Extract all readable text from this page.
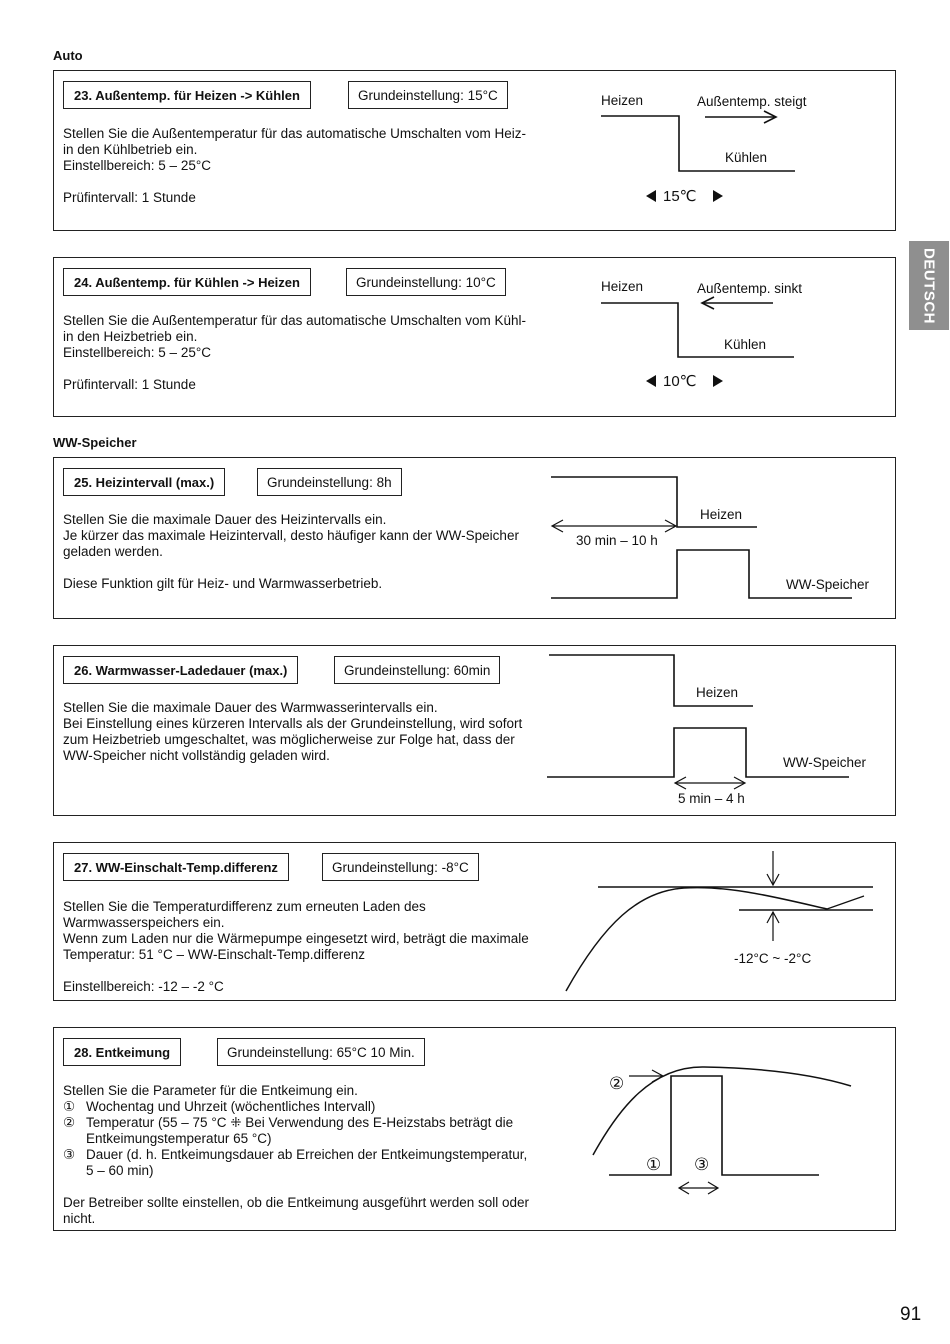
Auto
23. Außentemp. für Heizen -> Kühlen	Grundeinstellung: 15°C
Stellen Sie die Außentemperatur für das automatische Umschalten vom Heiz-
in den Kühlbetrieb ein.
Einstellbereich: 5 – 25°C
Prüfintervall: 1 Stunde
Heizen	Außentemp. steigt
Kühlen
15℃
24. Außentemp. für Kühlen -> Heizen	Grundeinstellung: 10°C
Stellen Sie die Außentemperatur für das automatische Umschalten vom Kühl-
in den Heizbetrieb ein.
Einstellbereich: 5 – 25°C
Prüfintervall: 1 Stunde
Heizen	Außentemp. sinkt
Kühlen
10℃
WW-Speicher
25. Heizintervall (max.)	Grundeinstellung: 8h
Stellen Sie die maximale Dauer des Heizintervalls ein.
Je kürzer das maximale Heizintervall, desto häufiger kann der WW-Speicher
geladen werden.
Diese Funktion gilt für Heiz- und Warmwasserbetrieb.
30 min – 10 h
Heizen
WW-Speicher
26. Warmwasser-Ladedauer (max.)	Grundeinstellung: 60min
Stellen Sie die maximale Dauer des Warmwasserintervalls ein.
Bei Einstellung eines kürzeren Intervalls als der Grundeinstellung, wird sofort
zum Heizbetrieb umgeschaltet, was möglicherweise zur Folge hat, dass der
WW-Speicher nicht vollständig geladen wird.
5 min – 4 h
Heizen
WW-Speicher
27. WW-Einschalt-Temp.differenz	Grundeinstellung: -8°C
Stellen Sie die Temperaturdifferenz zum erneuten Laden des
Warmwasserspeichers ein.
Wenn zum Laden nur die Wärmepumpe eingesetzt wird, beträgt die maximale
Temperatur: 51 °C – WW-Einschalt-Temp.differenz
Einstellbereich: -12 – -2 °C
-12°C ~ -2°C
28. Entkeimung	Grundeinstellung: 65°C 10 Min.
Stellen Sie die Parameter für die Entkeimung ein.
① Wochentag und Uhrzeit (wöchentliches Intervall)
② Temperatur (55 – 75 °C ⁜ Bei Verwendung des E-Heizstabs beträgt die
Entkeimungstemperatur 65 °C)
③ Dauer (d. h. Entkeimungsdauer ab Erreichen der Entkeimungstemperatur,
5 – 60 min)
Der Betreiber sollte einstellen, ob die Entkeimung ausgeführt werden soll oder
nicht.
②
① ③
DEUTSCH
91
